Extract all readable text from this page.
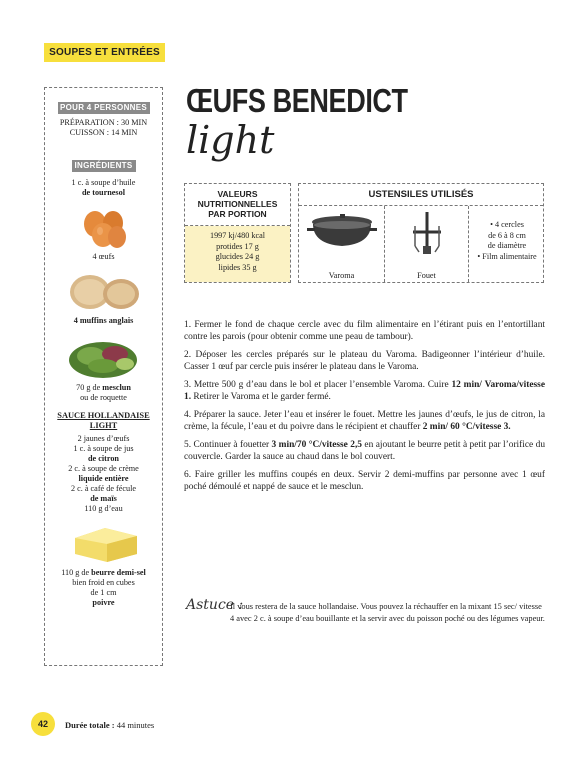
SOUPES ET ENTRÉES
POUR 4 PERSONNES
PRÉPARATION : 30 MIN
CUISSON : 14 MIN
INGRÉDIENTS
1 c. à soupe d’huile
de tournesol
4 œufs
4 muffins anglais
70 g de mesclun
ou de roquette
SAUCE HOLLANDAISE
LIGHT
2 jaunes d’œufs
1 c. à soupe de jus
de citron
2 c. à soupe de crème
liquide entière
2 c. à café de fécule
de maïs
110 g d’eau
110 g de beurre demi-sel
bien froid en cubes
de 1 cm
poivre
ŒUFS BENEDICT
light
VALEURS
NUTRITIONNELLES
PAR PORTION
1997 kj/480 kcal
protides 17 g
glucides 24 g
lipides 35 g
USTENSILES UTILISÉS
Varoma	Fouet
• 4 cercles
de 6 à 8 cm
de diamètre
• Film alimentaire
1. Fermer le fond de chaque cercle avec du film alimentaire en l’étirant puis en l’entortillant contre les parois (pour obtenir comme une peau de tambour).
2. Déposer les cercles préparés sur le plateau du Varoma. Badigeonner l’intérieur d’huile. Casser 1 œuf par cercle puis insérer le plateau dans le Varoma.
3. Mettre 500 g d’eau dans le bol et placer l’ensemble Varoma. Cuire 12 min/ Varoma/vitesse 1. Retirer le Varoma et le garder fermé.
4. Préparer la sauce. Jeter l’eau et insérer le fouet. Mettre les jaunes d’œufs, le jus de citron, la crème, la fécule, l’eau et du poivre dans le récipient et chauffer 2 min/ 60 °C/vitesse 3.
5. Continuer à fouetter 3 min/70 °C/vitesse 2,5 en ajoutant le beurre petit à petit par l’orifice du couvercle. Garder la sauce au chaud dans le bol couvert.
6. Faire griller les muffins coupés en deux. Servir 2 demi-muffins par personne avec 1 œuf poché démoulé et nappé de sauce et le mesclun.
Astuce :
Il vous restera de la sauce hollandaise. Vous pouvez la réchauffer en la mixant 15 sec/ vitesse 4 avec 2 c. à soupe d’eau bouillante et la servir avec du poisson poché ou des légumes vapeur.
42	Durée totale : 44 minutes
